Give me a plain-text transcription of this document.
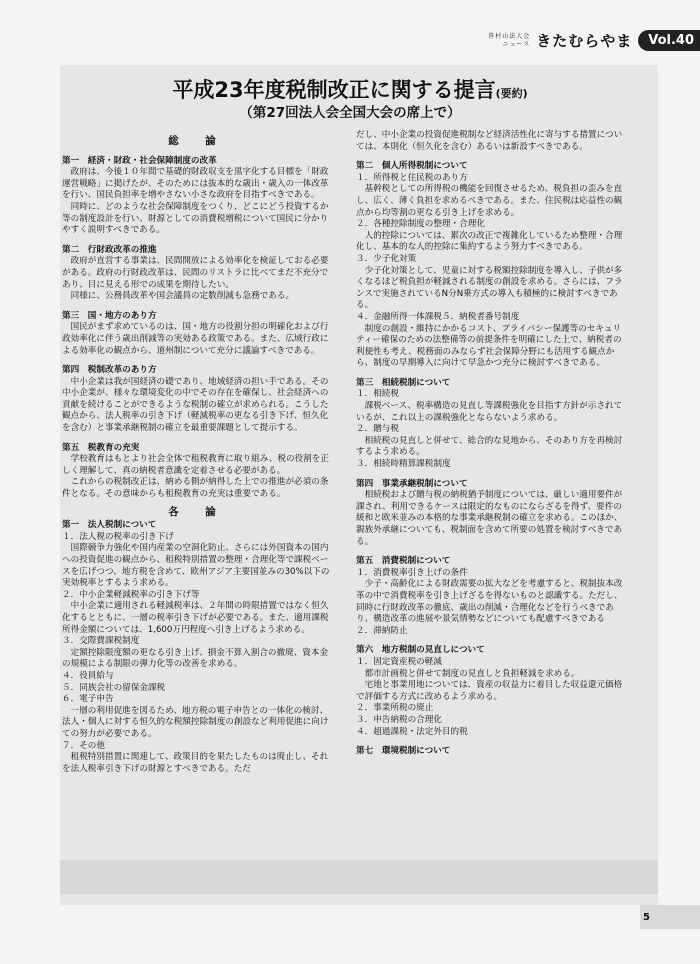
笹村山法人会
ニュース きたむらやま	Vol.40
平成23年度税制改正に関する提言(要約)
（第27回法人会全国大会の席上で）
総　論
第一　経済・財政・社会保障制度の改革
政府は、今後１０年間で基礎的財政収支を黒字化する目標を「財政運営戦略」に掲げたが、そのためには抜本的な歳出・歳入の一体改革を行い、国民負担率を増やさない小さな政府を目指すべきである。
同時に、どのような社会保障制度をつくり、どこにどう投資するか等の制度設計を行い、財源としての消費税増税について国民に分かりやすく説明すべきである。
第二　行財政改革の推進
政府が直営する事業は、民間開放による効率化を検証しておる必要がある。政府の行財政改革は、民間のリストラに比べてまだ不充分であり、目に見える形での成果を期待したい。
同様に、公務員改革や国会議員の定数削減も急務である。
第三　国・地方のあり方
国民がまず求めているのは、国・地方の役割分担の明確化および行政効率化に伴う歳出削減等の実効ある政策である。また、広域行政による効率化の観点から、道州制について充分に議論すべきである。
第四　税制改革のあり方
中小企業は我が国経済の礎であり、地域経済の担い手である。その中小企業が、様々な環境変化の中でその存在を確保し、社会経済への貢献を続けることができるような税制の確立が求められる。こうした観点から、法人税率の引き下げ（軽減税率の更なる引き下げ、恒久化を含む）と事業承継税制の確立を最重要課題として提示する。
第五　税教育の充実
学校教育はもとより社会全体で租税教育に取り組み、税の役割を正しく理解して、真の納税者意識を定着させる必要がある。
これからの税制改正は、納める側が納得した上での推進が必須の条件となる。その意味からも租税教育の充実は重要である。
各　論
第一　法人税制について
１．法人税の税率の引き下げ
国際競争力強化や国内産業の空洞化防止、さらには外国資本の国内への投資促進の観点から、租税特別措置の整理・合理化等で課税ベースを広げつつ、地方税を含めて、欧州アジア主要国並みの30%以下の実効税率とするよう求める。
２．中小企業軽減税率の引き下げ等
中小企業に適用される軽減税率は、２年間の時限措置ではなく恒久化するとともに、一層の税率引き下げが必要である。また、適用課税所得金額については、1,600万円程度へ引き上げるよう求める。
３．交際費課税制度
定額控除限度額の更なる引き上げ、損金不算入割合の撤廃、資本金の規模による制限の弾力化等の改善を求める。
４．役員給与
５．同族会社の留保金課税
６．電子申告
一層の利用促進を図るため、地方税の電子申告との一体化の検討、法人・個人に対する恒久的な税額控除制度の創設など利用促進に向けての努力が必要である。
７．その他
租税特別措置に関連して、政策目的を果たしたものは廃止し、それを法人税率引き下げの財源とすべきである。ただ
だし、中小企業の投資促進税制など経済活性化に寄与する措置については、本則化（恒久化を含む）あるいは新設すべきである。
第二　個人所得税制について
１．所得税と住民税のあり方
基幹税としての所得税の機能を回復させるため、税負担の歪みを直し、広く、薄く負担を求めるべきである。また、住民税は応益性の観点から均等割の更なる引き上げを求める。
２．各種控除制度の整理・合理化
人的控除については、累次の改正で複雑化しているため整理・合理化し、基本的な人的控除に集約するよう努力すべきである。
３．少子化対策
少子化対策として、児童に対する税額控除制度を導入し、子供が多くなるほど税負担が軽減される制度の創設を求める。さらには、フランスで実施されているN分N乗方式の導入も積極的に検討すべきである。
４．金融所得一体課税５．納税者番号制度
制度の創設・維持にかかるコスト、プライバシー保護等のセキュリティー確保のための法整備等の前提条件を明確にした上で、納税者の利便性も考え、税務面のみならず社会保障分野にも活用する観点から、制度の早期導入に向けて早急かつ充分に検討すべきである。
第三　相続税制について
１．相続税
課税ベース、税率構造の見直し等課税強化を目指す方針が示されているが、これ以上の課税強化とならないよう求める。
２．贈与税
相続税の見直しと併せて、総合的な見地から、そのあり方を再検討するよう求める。
３．相続時精算課税制度
第四　事業承継税制について
相続税および贈与税の納税猶予制度については、厳しい適用要件が課され、利用できるケースは限定的なものにならざるを得ず、要件の緩和と欧米並みの本格的な事業承継税制の確立を求める。このほか、親族外承継についても、税制面を含めて所要の処置を検討すべきである。
第五　消費税制について
１．消費税率引き上げの条件
少子・高齢化による財政需要の拡大などを考慮すると、税制抜本改革の中で消費税率を引き上げざるを得ないものと認識する。ただし、同時に行財政改革の徹底、歳出の削減・合理化などを行うべきであり、構造改革の進展や景気情勢などについても配慮すべきである
２．滞納防止
第六　地方税制の見直しについて
１．固定資産税の軽減
都市計画税と併せて制度の見直しと負担軽減を求める。
宅地と事業用地については、資産の収益力に着目した収益還元価格で評価する方式に改めるよう求める。
２．事業所税の廃止
３．申告納税の合理化
４．超過課税・法定外目的税
第七　環境税制について
5
